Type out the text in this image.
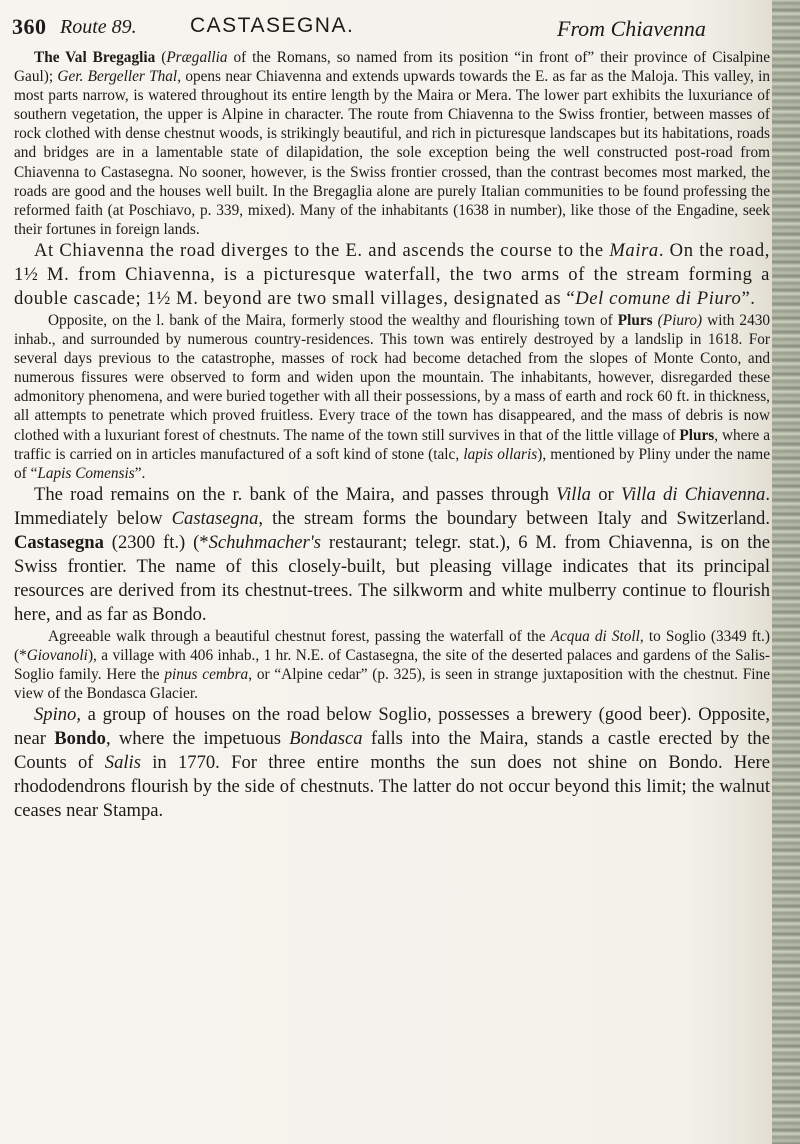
360 Route 89.	CASTASEGNA.	From Chiavenna

The Val Bregaglia (Prægallia of the Romans, so named from its position “in front of” their province of Cisalpine Gaul); Ger. Bergeller Thal, opens near Chiavenna and extends upwards towards the E. as far as the Maloja. This valley, in most parts narrow, is watered throughout its entire length by the Maira or Mera. The lower part exhibits the luxuriance of southern vegetation, the upper is Alpine in character. The route from Chiavenna to the Swiss frontier, between masses of rock clothed with dense chestnut woods, is strikingly beautiful, and rich in picturesque landscapes but its habitations, roads and bridges are in a lamentable state of dilapidation, the sole exception being the well constructed post-road from Chiavenna to Castasegna. No sooner, however, is the Swiss frontier crossed, than the contrast becomes most marked, the roads are good and the houses well built. In the Bregaglia alone are purely Italian communities to be found professing the reformed faith (at Poschiavo, p. 339, mixed). Many of the inhabitants (1638 in number), like those of the Engadine, seek their fortunes in foreign lands.

At Chiavenna the road diverges to the E. and ascends the course to the Maira. On the road, 1½ M. from Chiavenna, is a picturesque waterfall, the two arms of the stream forming a double cascade; 1½ M. beyond are two small villages, designated as “Del comune di Piuro”.

Opposite, on the l. bank of the Maira, formerly stood the wealthy and flourishing town of Plurs (Piuro) with 2430 inhab., and surrounded by numerous country-residences. This town was entirely destroyed by a landslip in 1618. For several days previous to the catastrophe, masses of rock had become detached from the slopes of Monte Conto, and numerous fissures were observed to form and widen upon the mountain. The inhabitants, however, disregarded these admonitory phenomena, and were buried together with all their possessions, by a mass of earth and rock 60 ft. in thickness, all attempts to penetrate which proved fruitless. Every trace of the town has disappeared, and the mass of debris is now clothed with a luxuriant forest of chestnuts. The name of the town still survives in that of the little village of Plurs, where a traffic is carried on in articles manufactured of a soft kind of stone (talc, lapis ollaris), mentioned by Pliny under the name of “Lapis Comensis”.

The road remains on the r. bank of the Maira, and passes through Villa or Villa di Chiavenna. Immediately below Castasegna, the stream forms the boundary between Italy and Switzerland. Castasegna (2300 ft.) (*Schuhmacher's restaurant; telegr. stat.), 6 M. from Chiavenna, is on the Swiss frontier. The name of this closely-built, but pleasing village indicates that its principal resources are derived from its chestnut-trees. The silkworm and white mulberry continue to flourish here, and as far as Bondo.

Agreeable walk through a beautiful chestnut forest, passing the waterfall of the Acqua di Stoll, to Soglio (3349 ft.) (*Giovanoli), a village with 406 inhab., 1 hr. N.E. of Castasegna, the site of the deserted palaces and gardens of the Salis-Soglio family. Here the pinus cembra, or “Alpine cedar” (p. 325), is seen in strange juxtaposition with the chestnut. Fine view of the Bondasca Glacier.

Spino, a group of houses on the road below Soglio, possesses a brewery (good beer). Opposite, near Bondo, where the impetuous Bondasca falls into the Maira, stands a castle erected by the Counts of Salis in 1770. For three entire months the sun does not shine on Bondo. Here rhododendrons flourish by the side of chestnuts. The latter do not occur beyond this limit; the walnut ceases near Stampa.
